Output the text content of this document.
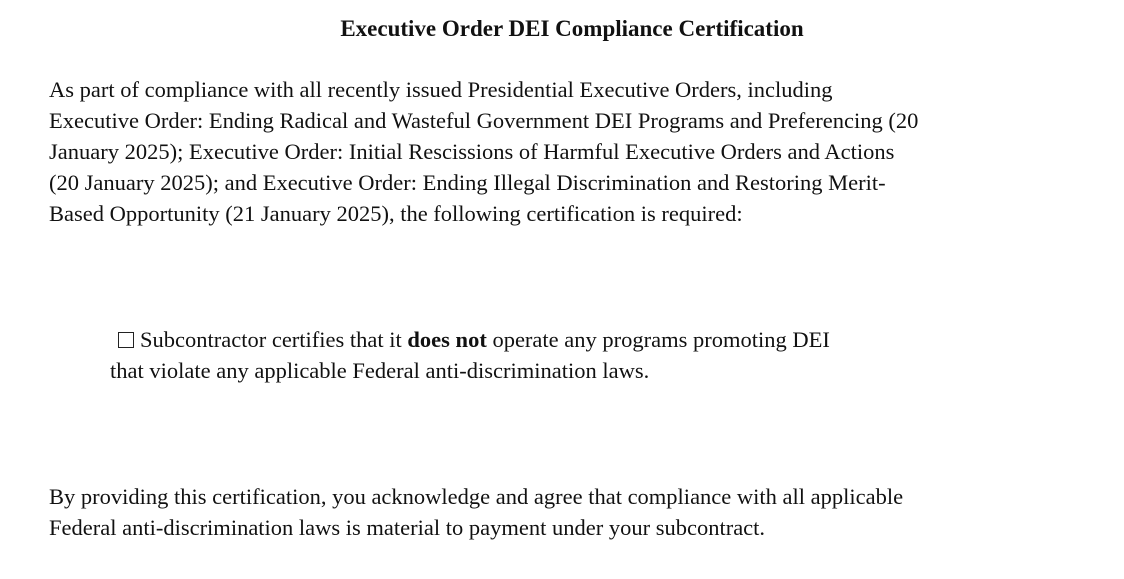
Executive Order DEI Compliance Certification

As part of compliance with all recently issued Presidential Executive Orders, including
Executive Order: Ending Radical and Wasteful Government DEI Programs and Preferencing (20
January 2025); Executive Order: Initial Rescissions of Harmful Executive Orders and Actions
(20 January 2025); and Executive Order: Ending Illegal Discrimination and Restoring Merit-
Based Opportunity (21 January 2025), the following certification is required:

Subcontractor certifies that it does not operate any programs promoting DEI
that violate any applicable Federal anti-discrimination laws.

By providing this certification, you acknowledge and agree that compliance with all applicable
Federal anti-discrimination laws is material to payment under your subcontract.
